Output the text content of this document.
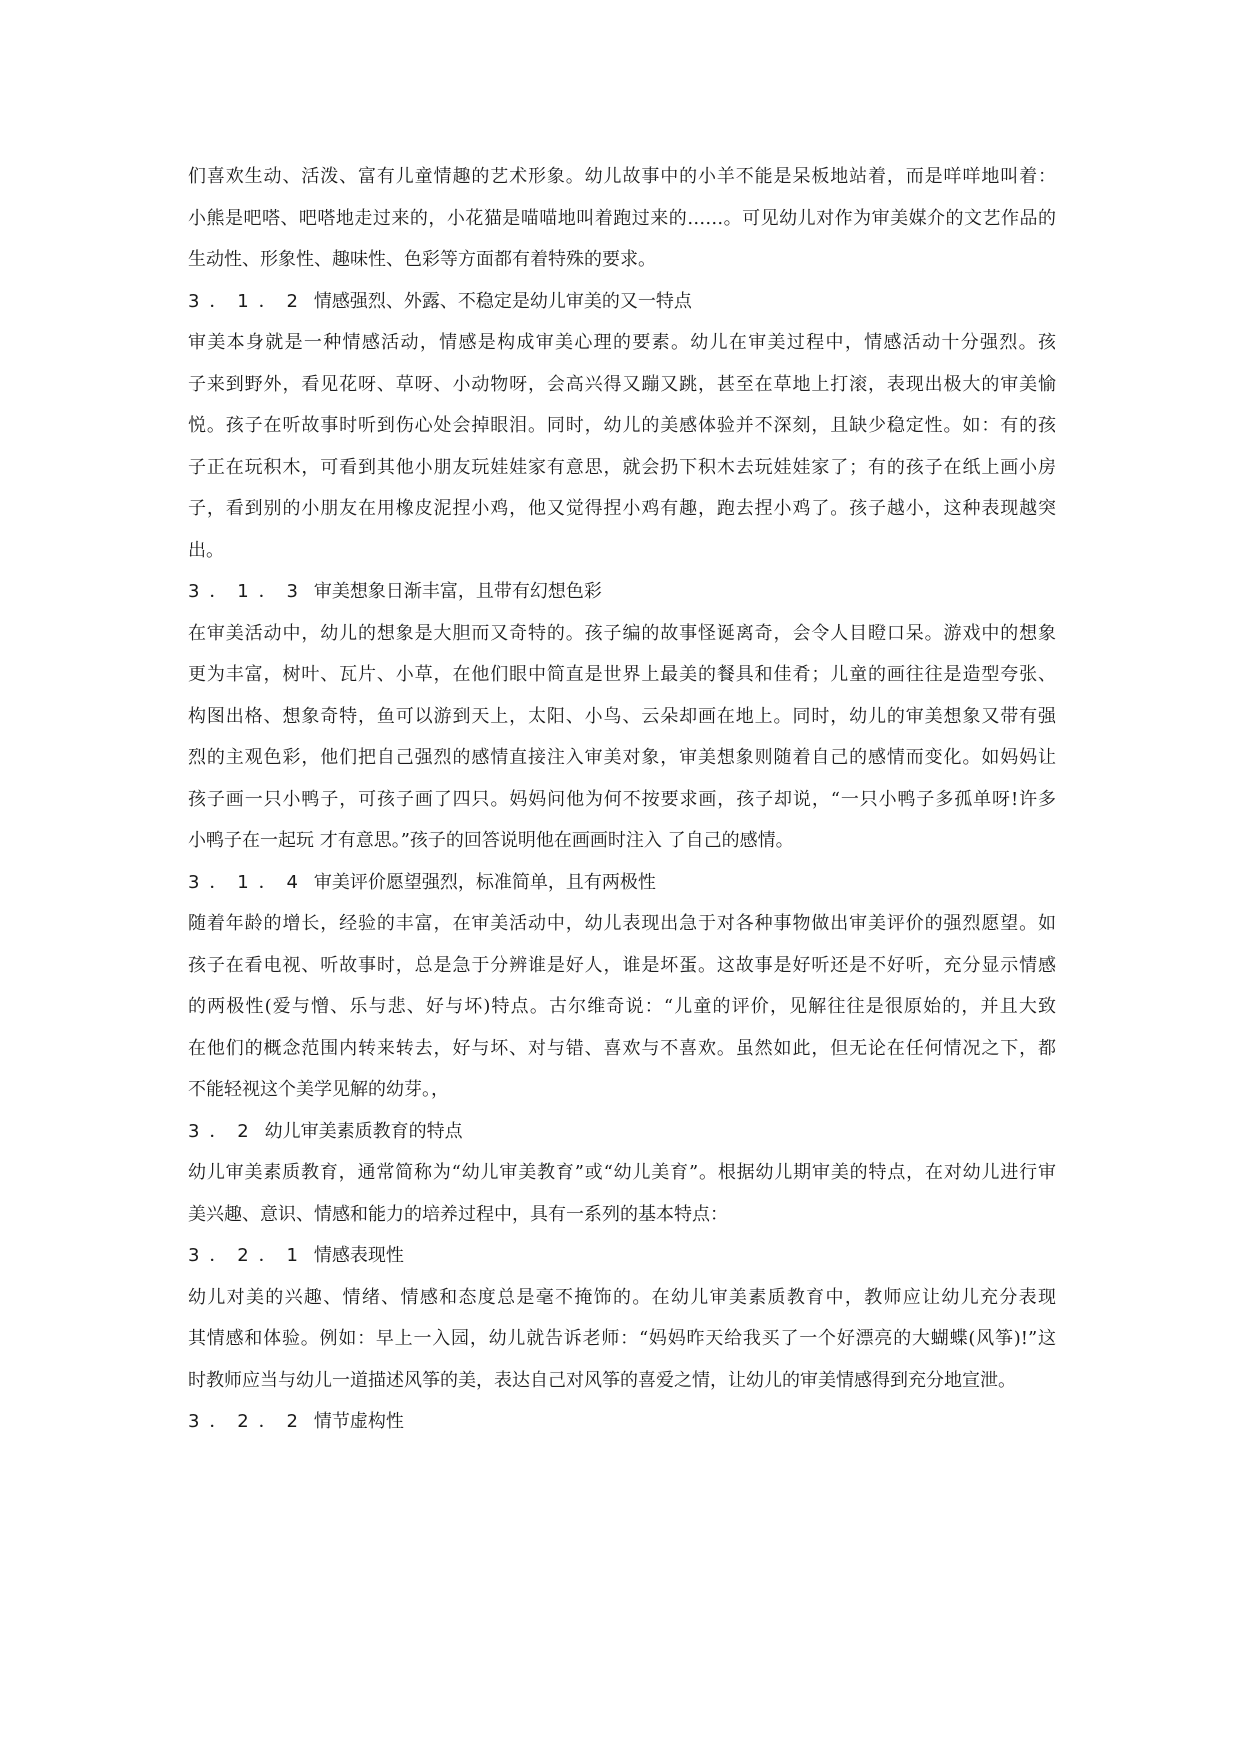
们喜欢生动、活泼、富有儿童情趣的艺术形象。幼儿故事中的小羊不能是呆板地站着，而是咩咩地叫着：
小熊是吧嗒、吧嗒地走过来的，小花猫是喵喵地叫着跑过来的……。可见幼儿对作为审美媒介的文艺作品的
生动性、形象性、趣味性、色彩等方面都有着特殊的要求。
3．1．2 情感强烈、外露、不稳定是幼儿审美的又一特点
审美本身就是一种情感活动，情感是构成审美心理的要素。幼儿在审美过程中，情感活动十分强烈。孩
子来到野外，看见花呀、草呀、小动物呀，会高兴得又蹦又跳，甚至在草地上打滚，表现出极大的审美愉
悦。孩子在听故事时听到伤心处会掉眼泪。同时，幼儿的美感体验并不深刻，且缺少稳定性。如：有的孩
子正在玩积木，可看到其他小朋友玩娃娃家有意思，就会扔下积木去玩娃娃家了；有的孩子在纸上画小房
子，看到别的小朋友在用橡皮泥捏小鸡，他又觉得捏小鸡有趣，跑去捏小鸡了。孩子越小，这种表现越突
出。
3．1．3 审美想象日渐丰富，且带有幻想色彩
在审美活动中，幼儿的想象是大胆而又奇特的。孩子编的故事怪诞离奇，会令人目瞪口呆。游戏中的想象
更为丰富，树叶、瓦片、小草，在他们眼中简直是世界上最美的餐具和佳肴；儿童的画往往是造型夸张、
构图出格、想象奇特，鱼可以游到天上，太阳、小鸟、云朵却画在地上。同时，幼儿的审美想象又带有强
烈的主观色彩，他们把自己强烈的感情直接注入审美对象，审美想象则随着自己的感情而变化。如妈妈让
孩子画一只小鸭子，可孩子画了四只。妈妈问他为何不按要求画，孩子却说，“一只小鸭子多孤单呀!许多
小鸭子在一起玩 才有意思。”孩子的回答说明他在画画时注入 了自己的感情。
3．1．4 审美评价愿望强烈，标准简单，且有两极性
随着年龄的增长，经验的丰富，在审美活动中，幼儿表现出急于对各种事物做出审美评价的强烈愿望。如
孩子在看电视、听故事时，总是急于分辨谁是好人，谁是坏蛋。这故事是好听还是不好听，充分显示情感
的两极性(爱与憎、乐与悲、好与坏)特点。古尔维奇说：“儿童的评价，见解往往是很原始的，并且大致
在他们的概念范围内转来转去，好与坏、对与错、喜欢与不喜欢。虽然如此，但无论在任何情况之下，都
不能轻视这个美学见解的幼芽。，
3．2 幼儿审美素质教育的特点
幼儿审美素质教育，通常简称为“幼儿审美教育”或“幼儿美育”。根据幼儿期审美的特点，在对幼儿进行审
美兴趣、意识、情感和能力的培养过程中，具有一系列的基本特点：
3．2．1 情感表现性
幼儿对美的兴趣、情绪、情感和态度总是毫不掩饰的。在幼儿审美素质教育中，教师应让幼儿充分表现
其情感和体验。例如：早上一入园，幼儿就告诉老师：“妈妈昨天给我买了一个好漂亮的大蝴蝶(风筝)!”这
时教师应当与幼儿一道描述风筝的美，表达自己对风筝的喜爱之情，让幼儿的审美情感得到充分地宣泄。
3．2．2 情节虚构性
